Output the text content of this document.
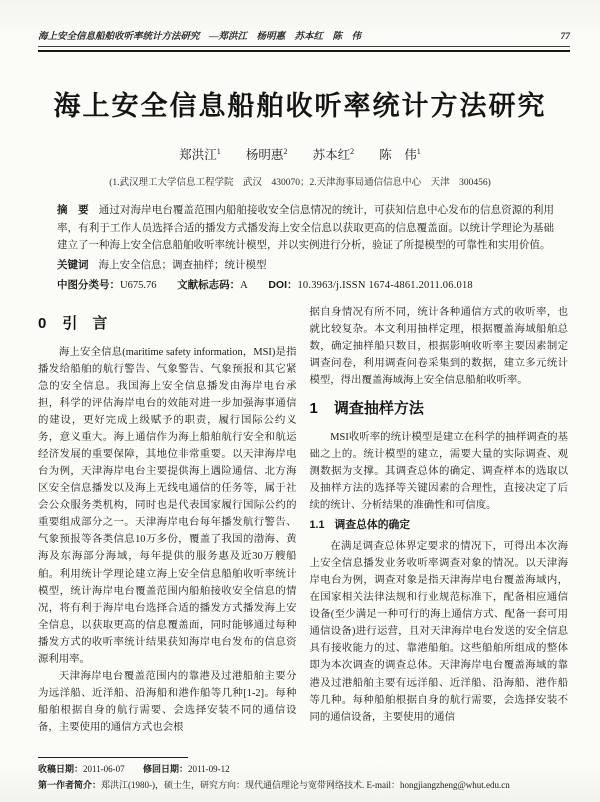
海上安全信息船舶收听率统计方法研究　—郑洪江　杨明惠　苏本红　陈　伟	77
海上安全信息船舶收听率统计方法研究
郑洪江$^1$ 杨明惠$^2$ 苏本红$^2$ 陈　伟$^1$
(1.武汉理工大学信息工程学院　武汉　430070；2.天津海事局通信信息中心　天津　300456)

摘　要 通过对海岸电台覆盖范围内船舶接收安全信息情况的统计，可获知信息中心发布的信息资源的利用率，有利于工作人员选择合适的播发方式播发海上安全信息以获取更高的信息覆盖面。以统计学理论为基础建立了一种海上安全信息船舶收听率统计模型，并以实例进行分析，验证了所提模型的可靠性和实用价值。

关键词 海上安全信息；调查抽样；统计模型

中图分类号：U675.76 文献标志码：A DOI：10.3963/j.ISSN 1674-4861.2011.06.018

0 引　言

海上安全信息(maritime safety information，MSI)是指播发给船舶的航行警告、气象警告、气象预报和其它紧急的安全信息。我国海上安全信息播发由海岸电台承担，科学的评估海岸电台的效能对进一步加强海事通信的建设，更好完成上级赋予的职责，履行国际公约义务，意义重大。海上通信作为海上船舶航行安全和航运经济发展的重要保障，其地位非常重要。以天津海岸电台为例，天津海岸电台主要提供海上遇险通信、北方海区安全信息播发以及海上无线电通信的任务等，属于社会公众服务类机构，同时也是代表国家履行国际公约的重要组成部分之一。天津海岸电台每年播发航行警告、气象预报等各类信息10万多份，覆盖了我国的渤海、黄海及东海部分海域，每年提供的服务惠及近30万艘船舶。利用统计学理论建立海上安全信息船舶收听率统计模型，统计海岸电台覆盖范围内船舶接收安全信息的情况，将有利于海岸电台选择合适的播发方式播发海上安全信息，以获取更高的信息覆盖面，同时能够通过每种播发方式的收听率统计结果获知海岸电台发布的信息资源利用率。

天津海岸电台覆盖范围内的靠港及过港船舶主要分为远洋船、近洋船、沿海船和港作船等几种[1-2]。每种船舶根据自身的航行需要、会选择安装不同的通信设备，主要使用的通信方式也会根

收稿日期：2011-06-07 修回日期：2011-09-12

据自身情况有所不同，统计各种通信方式的收听率，也就比较复杂。本文利用抽样定理，根据覆盖海域船舶总数，确定抽样船只数目，根据影响收听率主要因素制定调查问卷，利用调查问卷采集到的数据，建立多元统计模型，得出覆盖海域海上安全信息船舶收听率。

1 调查抽样方法

MSI收听率的统计模型是建立在科学的抽样调查的基础之上的。统计模型的建立，需要大量的实际调查、观测数据为支撑。其调查总体的确定、调查样本的选取以及抽样方法的选择等关键因素的合理性，直接决定了后续的统计、分析结果的准确性和可信度。

1.1 调查总体的确定

在满足调查总体界定要求的情况下，可得出本次海上安全信息播发业务收听率调查对象的情况。以天津海岸电台为例，调查对象是指天津海岸电台覆盖海域内，在国家相关法律法规和行业规范标准下，配备相应通信设备(至少满足一种可行的海上通信方式、配备一套可用通信设备)进行运营，且对天津海岸电台发送的安全信息具有接收能力的过、靠港船舶。这些船舶所组成的整体即为本次调查的调查总体。天津海岸电台覆盖海域的靠港及过港船舶主要有远洋船、近洋船、沿海船、港作船等几种。每种船舶根据自身的航行需要，会选择安装不同的通信设备，主要使用的通信

第一作者简介：郑洪江(1980-)，硕士生，研究方向：现代通信理论与宽带网络技术. E-mail：hongjiangzheng@whut.edu.cn
